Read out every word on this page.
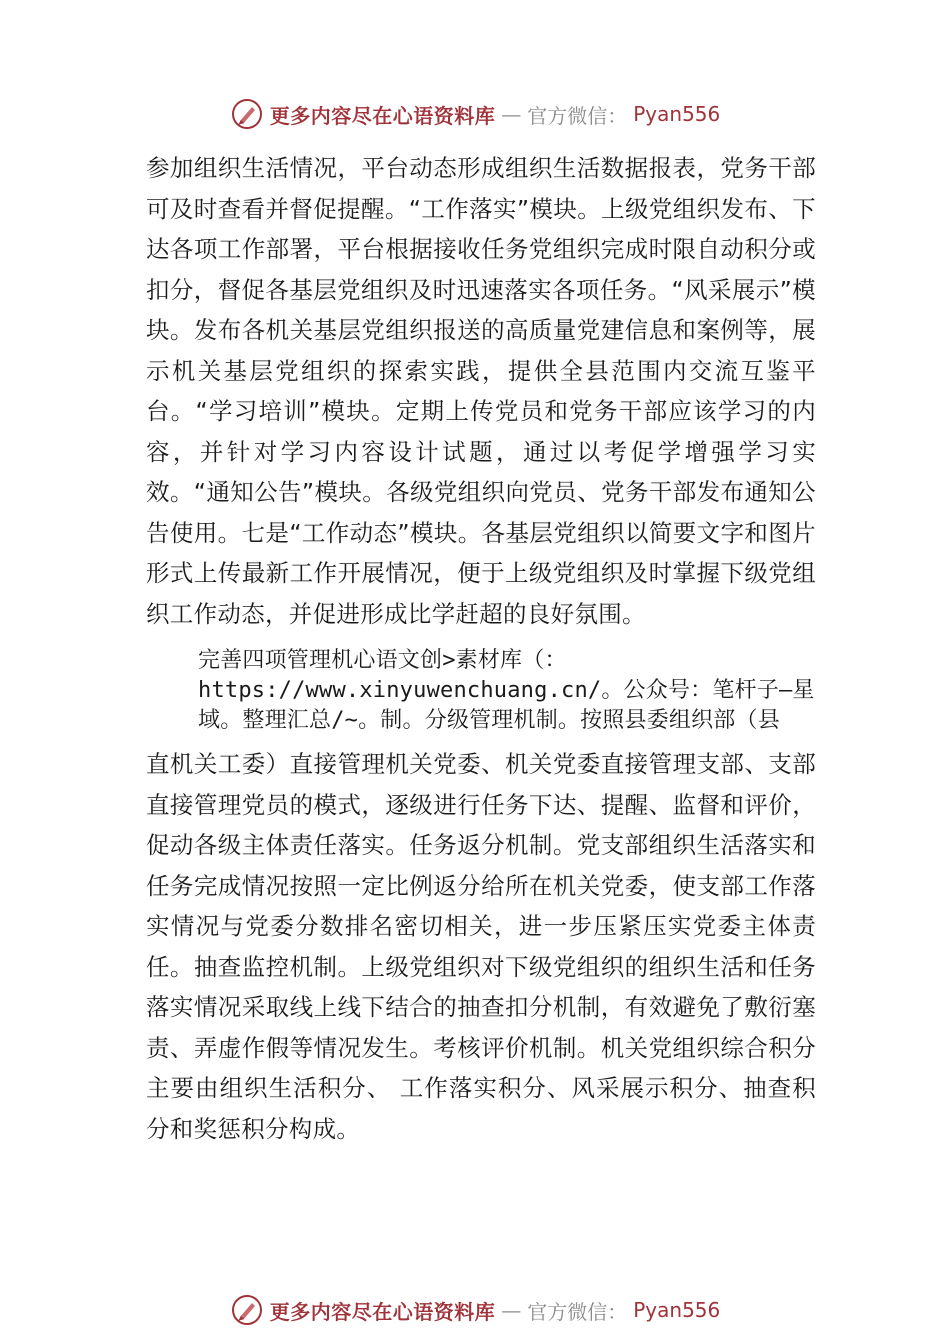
更多内容尽在心语资料库 — 官方微信： Pyan556

参加组织生活情况，平台动态形成组织生活数据报表，党务干部可及时查看并督促提醒。“工作落实”模块。上级党组织发布、下达各项工作部署，平台根据接收任务党组织完成时限自动积分或扣分，督促各基层党组织及时迅速落实各项任务。“风采展示”模块。发布各机关基层党组织报送的高质量党建信息和案例等，展示机关基层党组织的探索实践，提供全县范围内交流互鉴平台。“学习培训”模块。定期上传党员和党务干部应该学习的内容，并针对学习内容设计试题，通过以考促学增强学习实效。“通知公告”模块。各级党组织向党员、党务干部发布通知公告使用。七是“工作动态”模块。各基层党组织以简要文字和图片形式上传最新工作开展情况，便于上级党组织及时掌握下级党组织工作动态，并促进形成比学赶超的良好氛围。

完善四项管理机心语文创>素材库（：https://www.xinyuwenchuang.cn/。公众号：笔杆子—星域。整理汇总/~。制。分级管理机制。按照县委组织部（县

直机关工委）直接管理机关党委、机关党委直接管理支部、支部直接管理党员的模式，逐级进行任务下达、提醒、监督和评价，促动各级主体责任落实。任务返分机制。党支部组织生活落实和任务完成情况按照一定比例返分给所在机关党委，使支部工作落实情况与党委分数排名密切相关，进一步压紧压实党委主体责任。抽查监控机制。上级党组织对下级党组织的组织生活和任务落实情况采取线上线下结合的抽查扣分机制，有效避免了敷衍塞责、弄虚作假等情况发生。考核评价机制。机关党组织综合积分主要由组织生活积分、 工作落实积分、风采展示积分、抽查积分和奖惩积分构成。

更多内容尽在心语资料库 — 官方微信： Pyan556
